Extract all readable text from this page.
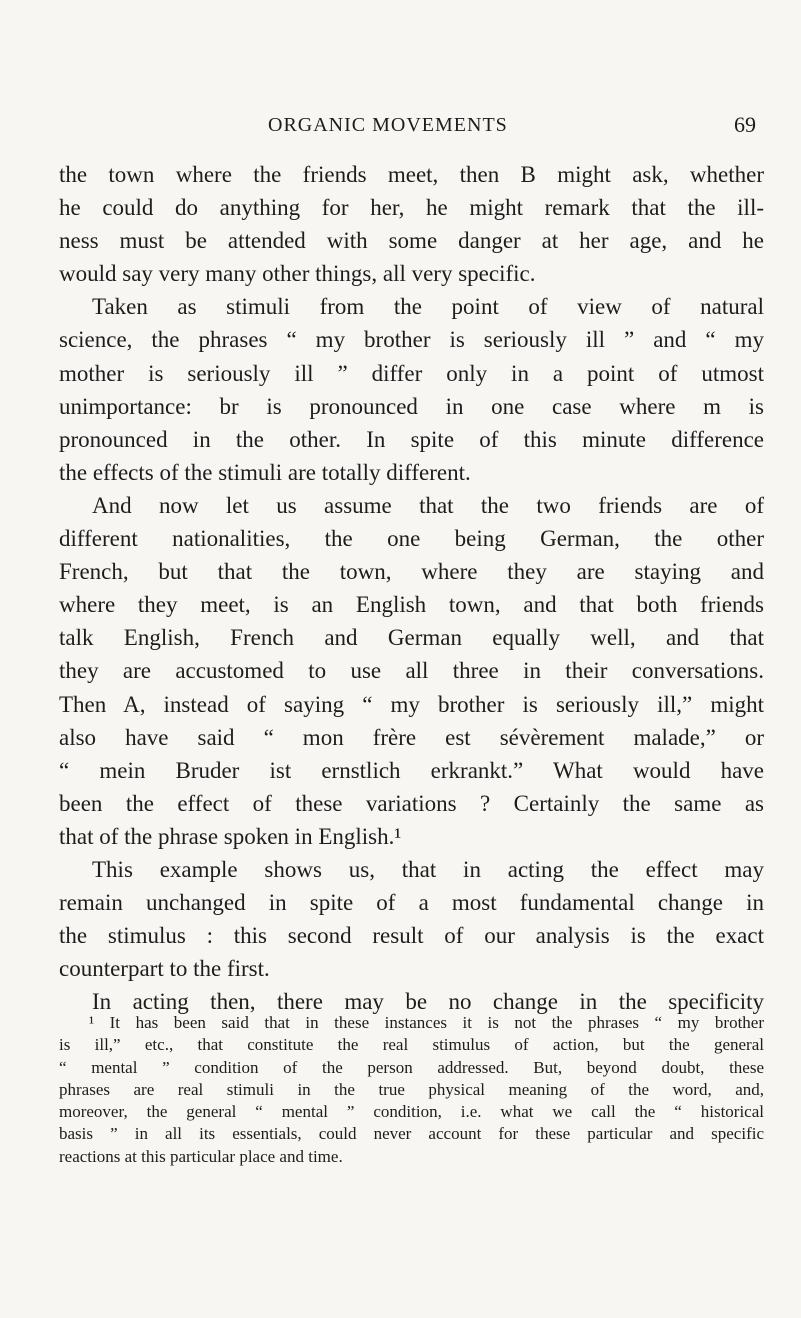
ORGANIC MOVEMENTS	69
the town where the friends meet, then B might ask, whether
he could do anything for her, he might remark that the ill-
ness must be attended with some danger at her age, and he
would say very many other things, all very specific.
Taken as stimuli from the point of view of natural
science, the phrases “ my brother is seriously ill ” and “ my
mother is seriously ill ” differ only in a point of utmost
unimportance: br is pronounced in one case where m is
pronounced in the other. In spite of this minute difference
the effects of the stimuli are totally different.
And now let us assume that the two friends are of
different nationalities, the one being German, the other
French, but that the town, where they are staying and
where they meet, is an English town, and that both friends
talk English, French and German equally well, and that
they are accustomed to use all three in their conversations.
Then A, instead of saying “ my brother is seriously ill,” might
also have said “ mon frère est sévèrement malade,” or
“ mein Bruder ist ernstlich erkrankt.” What would have
been the effect of these variations ? Certainly the same as
that of the phrase spoken in English.¹
This example shows us, that in acting the effect may
remain unchanged in spite of a most fundamental change in
the stimulus : this second result of our analysis is the exact
counterpart to the first.
In acting then, there may be no change in the specificity
¹ It has been said that in these instances it is not the phrases “ my brother
is ill,” etc., that constitute the real stimulus of action, but the general
“ mental ” condition of the person addressed. But, beyond doubt, these
phrases are real stimuli in the true physical meaning of the word, and,
moreover, the general “ mental ” condition, i.e. what we call the “ historical
basis ” in all its essentials, could never account for these particular and specific
reactions at this particular place and time.
